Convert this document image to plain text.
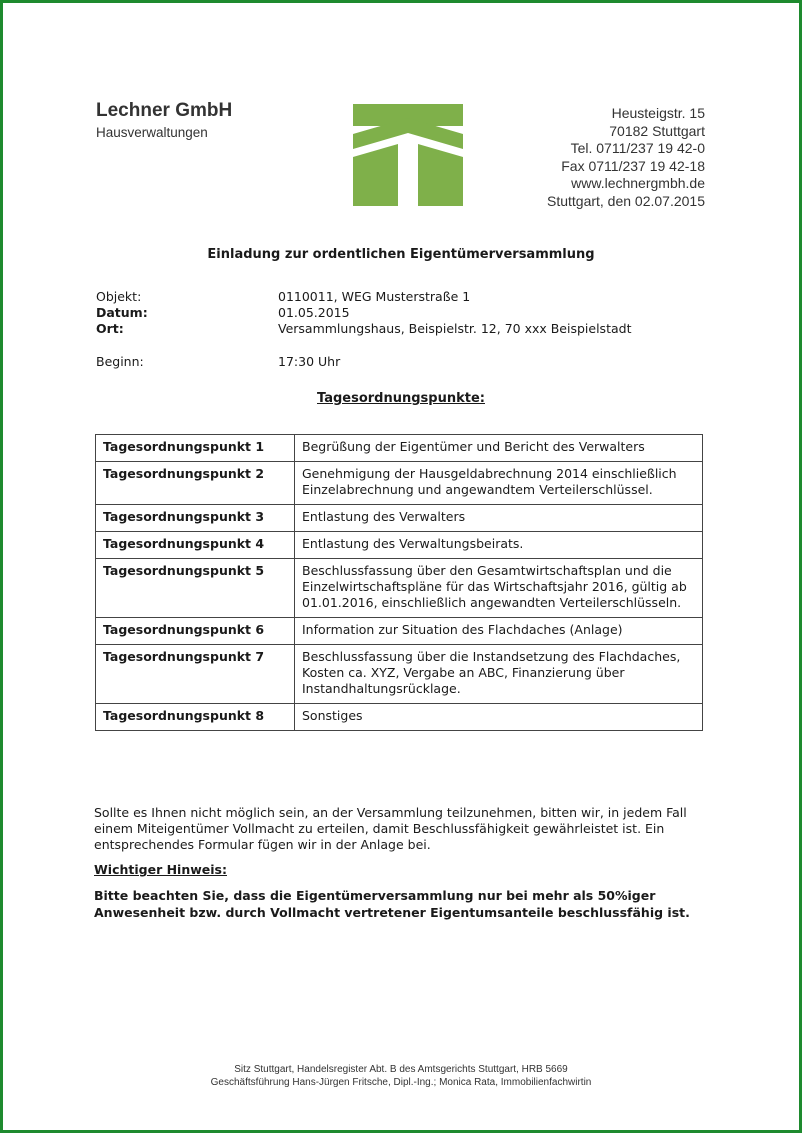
Lechner GmbH
Hausverwaltungen
Heusteigstr. 15
70182 Stuttgart
Tel. 0711/237 19 42-0
Fax 0711/237 19 42-18
www.lechnergmbh.de
Stuttgart, den 02.07.2015
Einladung zur ordentlichen Eigentümerversammlung
Objekt:	0110011, WEG Musterstraße 1
Datum:	01.05.2015
Ort:	Versammlungshaus, Beispielstr. 12, 70 xxx Beispielstadt
Beginn:	17:30 Uhr
Tagesordnungspunkte:
Tagesordnungspunkt 1	Begrüßung der Eigentümer und Bericht des Verwalters
Tagesordnungspunkt 2	Genehmigung der Hausgeldabrechnung 2014 einschließlich Einzelabrechnung und angewandtem Verteilerschlüssel.
Tagesordnungspunkt 3	Entlastung des Verwalters
Tagesordnungspunkt 4	Entlastung des Verwaltungsbeirats.
Tagesordnungspunkt 5	Beschlussfassung über den Gesamtwirtschaftsplan und die Einzelwirtschaftspläne für das Wirtschaftsjahr 2016, gültig ab 01.01.2016, einschließlich angewandten Verteilerschlüsseln.
Tagesordnungspunkt 6	Information zur Situation des Flachdaches (Anlage)
Tagesordnungspunkt 7	Beschlussfassung über die Instandsetzung des Flachdaches, Kosten ca. XYZ, Vergabe an ABC, Finanzierung über Instandhaltungsrücklage.
Tagesordnungspunkt 8	Sonstiges
Sollte es Ihnen nicht möglich sein, an der Versammlung teilzunehmen, bitten wir, in jedem Fall einem Miteigentümer Vollmacht zu erteilen, damit Beschlussfähigkeit gewährleistet ist. Ein entsprechendes Formular fügen wir in der Anlage bei.
Wichtiger Hinweis:
Bitte beachten Sie, dass die Eigentümerversammlung nur bei mehr als 50%iger Anwesenheit bzw. durch Vollmacht vertretener Eigentumsanteile beschlussfähig ist.
Sitz Stuttgart, Handelsregister Abt. B des Amtsgerichts Stuttgart, HRB 5669
Geschäftsführung Hans-Jürgen Fritsche, Dipl.-Ing.; Monica Rata, Immobilienfachwirtin
